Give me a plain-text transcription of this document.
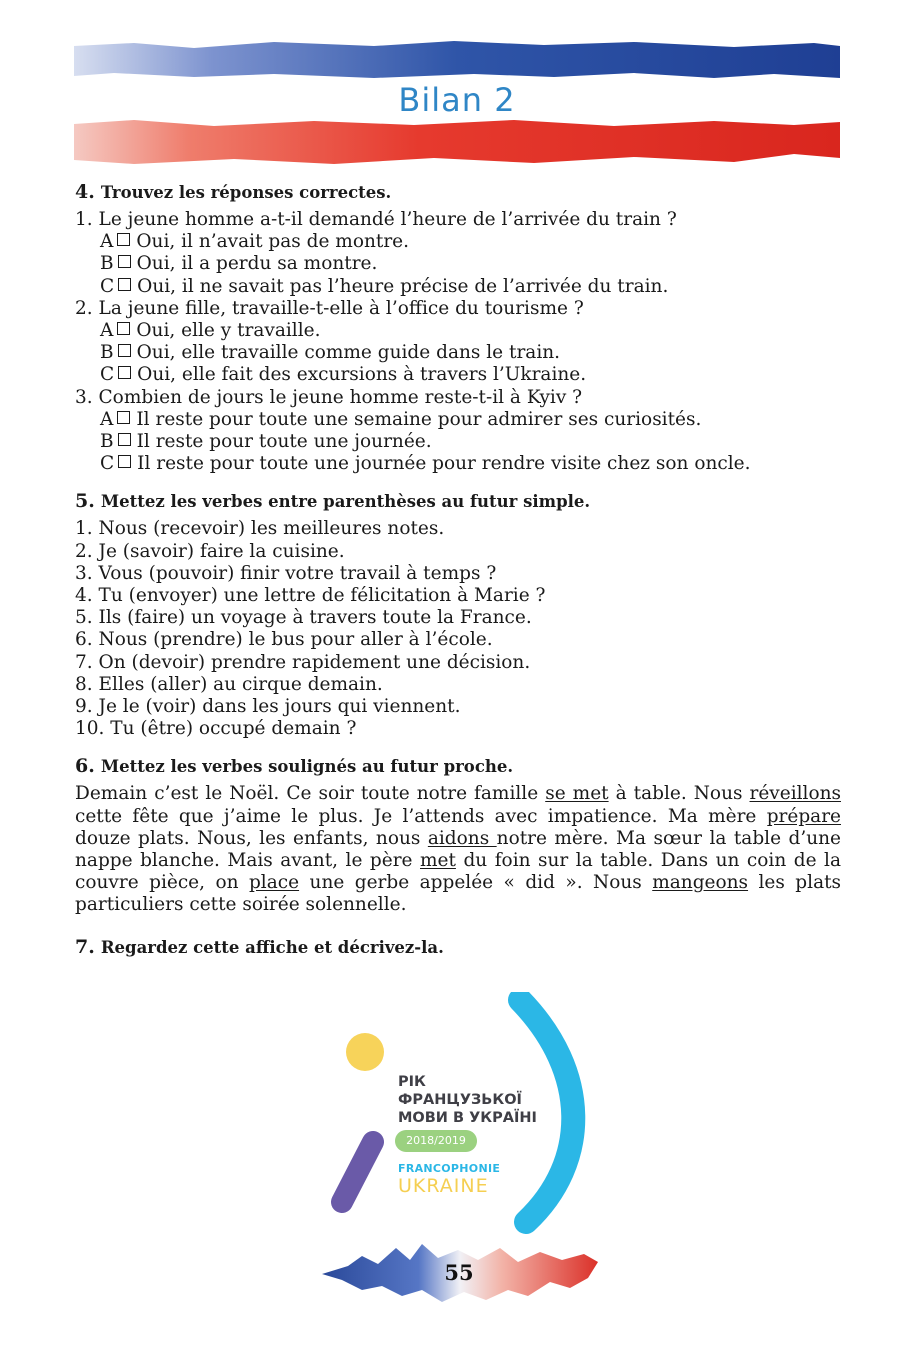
Bilan 2
4. Trouvez les réponses correctes.
1. Le jeune homme a-t-il demandé l’heure de l’arrivée du train ?
A Oui, il n’avait pas de montre.
B Oui, il a perdu sa montre.
C Oui, il ne savait pas l’heure précise de l’arrivée du train.
2. La jeune fille, travaille-t-elle à l’office du tourisme ?
A Oui, elle y travaille.
B Oui, elle travaille comme guide dans le train.
C Oui, elle fait des excursions à travers l’Ukraine.
3. Combien de jours le jeune homme reste-t-il à Kyiv ?
A Il reste pour toute une semaine pour admirer ses curiosités.
B Il reste pour toute une journée.
C Il reste pour toute une journée pour rendre visite chez son oncle.
5. Mettez les verbes entre parenthèses au futur simple.
1. Nous (recevoir) les meilleures notes.
2. Je (savoir) faire la cuisine.
3. Vous (pouvoir) finir votre travail à temps ?
4. Tu (envoyer) une lettre de félicitation à Marie ?
5. Ils (faire) un voyage à travers toute la France.
6. Nous (prendre) le bus pour aller à l’école.
7. On (devoir) prendre rapidement une décision.
8. Elles (aller) au cirque demain.
9. Je le (voir) dans les jours qui viennent.
10. Tu (être) occupé demain ?
6. Mettez les verbes soulignés au futur proche.

Demain c’est le Noël. Ce soir toute notre famille se met à table. Nous réveillons cette fête que j’aime le plus. Je l’attends avec impatience. Ma mère prépare douze plats. Nous, les enfants, nous aidons notre mère. Ma sœur la table d’une nappe blanche. Mais avant, le père met du foin sur la table. Dans un coin de la couvre pièce, on place une gerbe appelée « did ». Nous mangeons les plats particuliers cette soirée solennelle.

7. Regardez cette affiche et décrivez-la.
РІК
ФРАНЦУЗЬКОЇ
МОВИ В УКРАЇНІ
2018/2019
FRANCOPHONIE
UKRAINE
55
